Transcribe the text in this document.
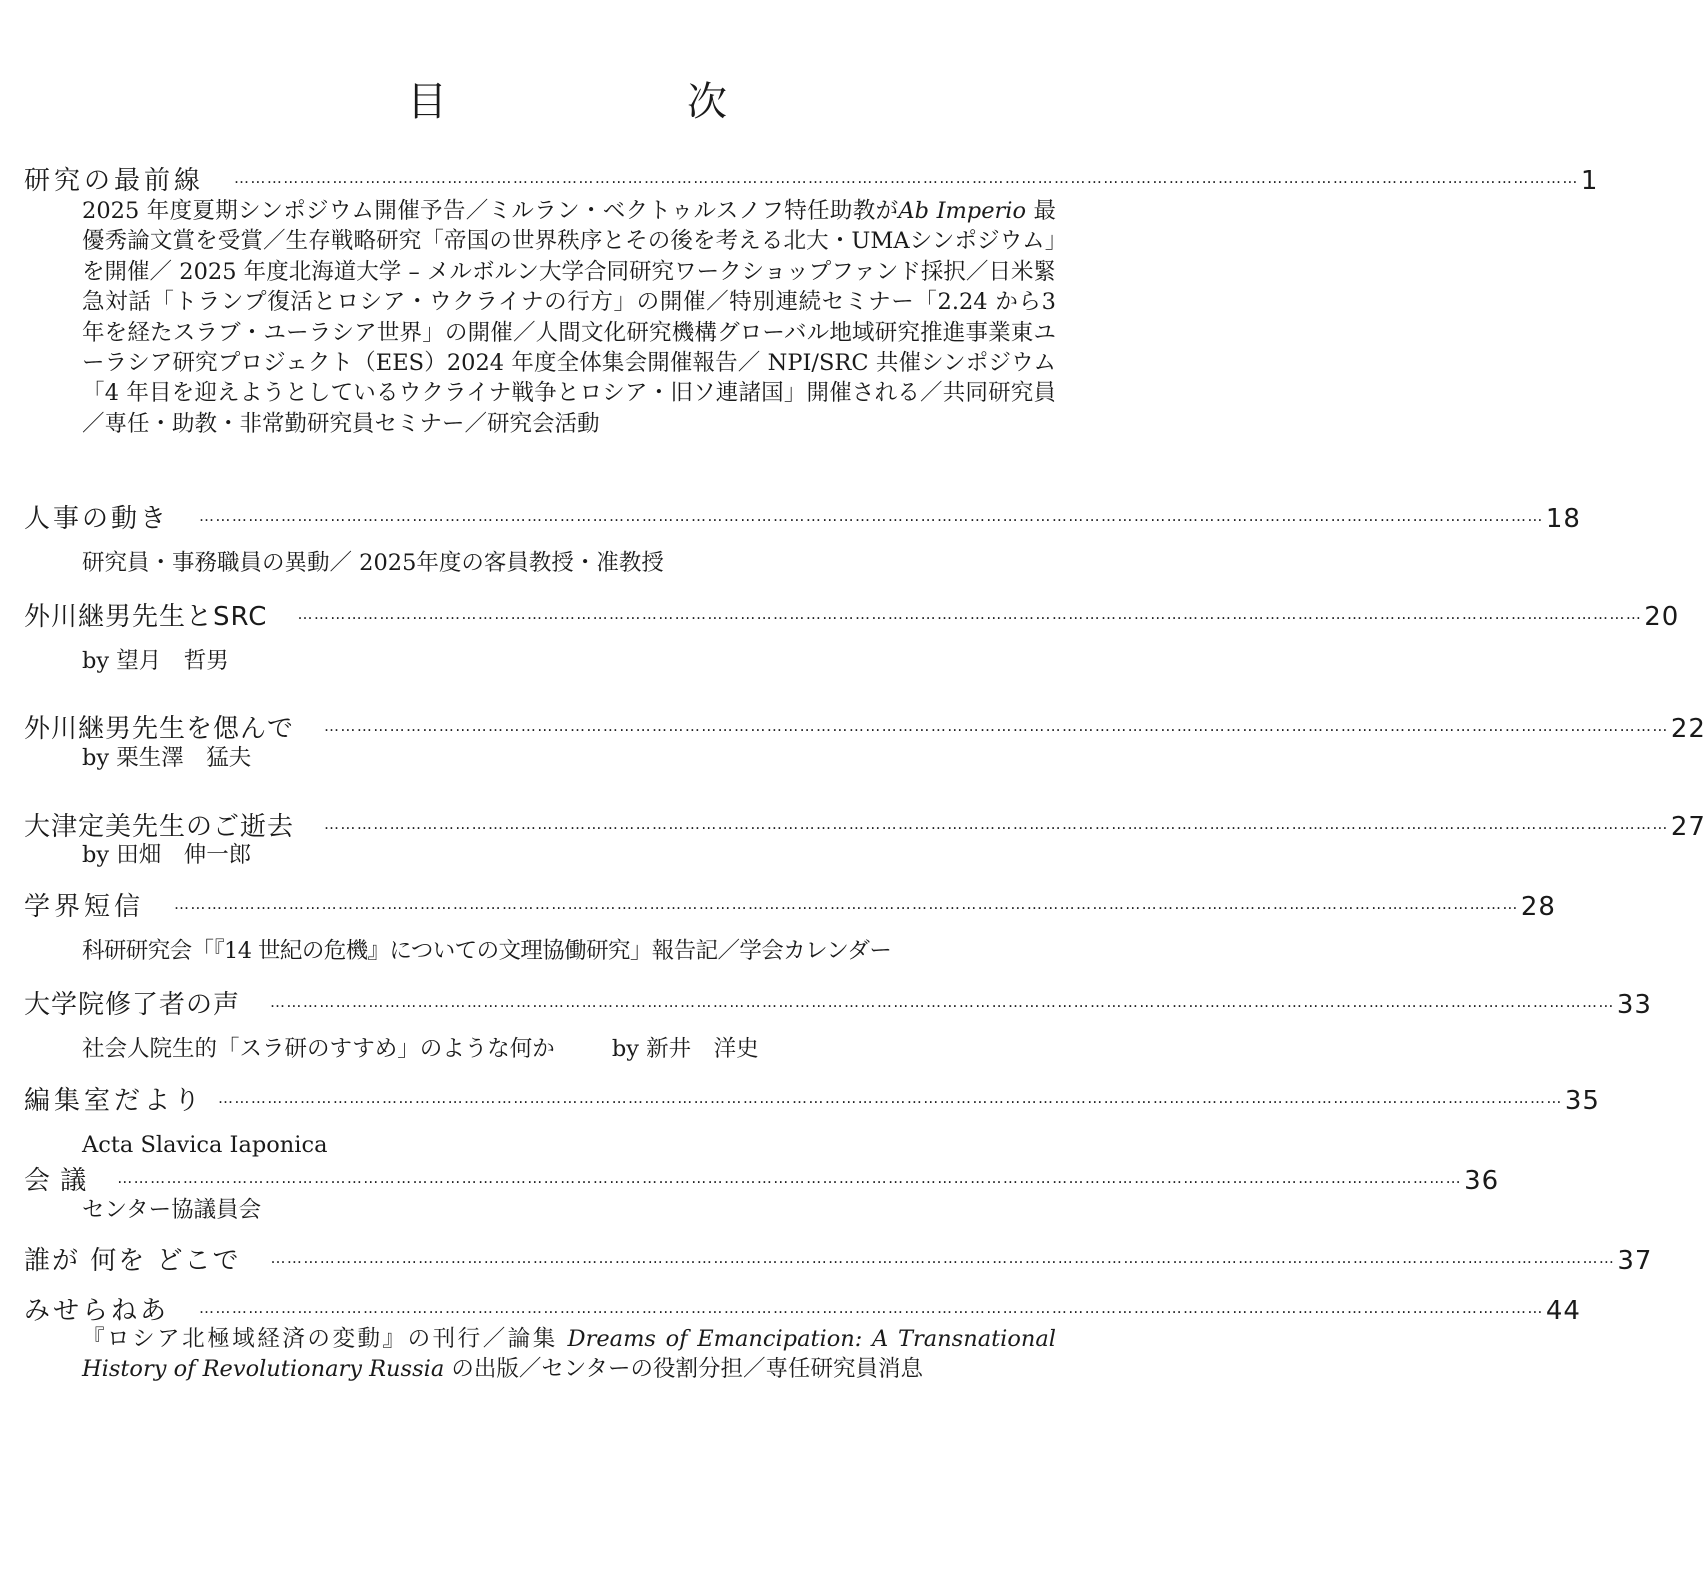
目　次
研究の最前線 ………………………………………………………………………………………………………………………………………………………………………………………………………………………… 1
2025 年度夏期シンポジウム開催予告／ミルラン・ベクトゥルスノフ特任助教がAb Imperio 最優秀論文賞を受賞／生存戦略研究「帝国の世界秩序とその後を考える北大・UMAシンポジウム」を開催／ 2025 年度北海道大学 – メルボルン大学合同研究ワークショップファンド採択／日米緊急対話「トランプ復活とロシア・ウクライナの行方」の開催／特別連続セミナー「2.24 から3 年を経たスラブ・ユーラシア世界」の開催／人間文化研究機構グローバル地域研究推進事業東ユーラシア研究プロジェクト（EES）2024 年度全体集会開催報告／ NPI/SRC 共催シンポジウム「4 年目を迎えようとしているウクライナ戦争とロシア・旧ソ連諸国」開催される／共同研究員／専任・助教・非常勤研究員セミナー／研究会活動
人事の動き ………………………………………………………………………………………………………………………………………………………………………………………………………………………… 18
研究員・事務職員の異動／ 2025年度の客員教授・准教授
外川継男先生とSRC ………………………………………………………………………………………………………………………………………………………………………………………………………………………… 20
by 望月　哲男
外川継男先生を偲んで ………………………………………………………………………………………………………………………………………………………………………………………………………………………… 22
by 栗生澤　猛夫
大津定美先生のご逝去 ………………………………………………………………………………………………………………………………………………………………………………………………………………………… 27
by 田畑　伸一郎
学界短信 ………………………………………………………………………………………………………………………………………………………………………………………………………………………… 28
科研研究会「『14 世紀の危機』についての文理協働研究」報告記／学会カレンダー
大学院修了者の声 ………………………………………………………………………………………………………………………………………………………………………………………………………………………… 33
社会人院生的「スラ研のすすめ」のような何か	by 新井　洋史
編集室だより ………………………………………………………………………………………………………………………………………………………………………………………………………………………… 35
Acta Slavica Iaponica
会 議 ………………………………………………………………………………………………………………………………………………………………………………………………………………………… 36
センター協議員会
誰が 何を どこで ………………………………………………………………………………………………………………………………………………………………………………………………………………………… 37
みせらねあ ………………………………………………………………………………………………………………………………………………………………………………………………………………………… 44
『ロシア北極域経済の変動』の刊行／論集 Dreams of Emancipation: A Transnational History of Revolutionary Russia の出版／センターの役割分担／専任研究員消息
